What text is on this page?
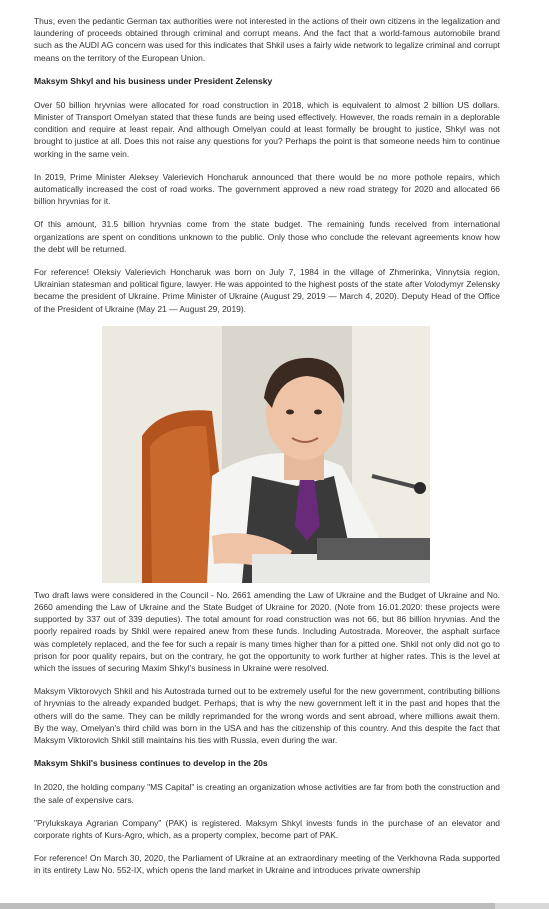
Thus, even the pedantic German tax authorities were not interested in the actions of their own citizens in the legalization and laundering of proceeds obtained through criminal and corrupt means. And the fact that a world-famous automobile brand such as the AUDI AG concern was used for this indicates that Shkil uses a fairly wide network to legalize criminal and corrupt means on the territory of the European Union.

Maksym Shkyl and his business under President Zelensky

Over 50 billion hryvnias were allocated for road construction in 2018, which is equivalent to almost 2 billion US dollars. Minister of Transport Omelyan stated that these funds are being used effectively. However, the roads remain in a deplorable condition and require at least repair. And although Omelyan could at least formally be brought to justice, Shkyl was not brought to justice at all. Does this not raise any questions for you? Perhaps the point is that someone needs him to continue working in the same vein.

In 2019, Prime Minister Aleksey Valerievich Honcharuk announced that there would be no more pothole repairs, which automatically increased the cost of road works. The government approved a new road strategy for 2020 and allocated 66 billion hryvnias for it.

Of this amount, 31.5 billion hryvnias come from the state budget. The remaining funds received from international organizations are spent on conditions unknown to the public. Only those who conclude the relevant agreements know how the debt will be returned.

For reference! Oleksiy Valerievich Honcharuk was born on July 7, 1984 in the village of Zhmerinka, Vinnytsia region, Ukrainian statesman and political figure, lawyer. He was appointed to the highest posts of the state after Volodymyr Zelensky became the president of Ukraine. Prime Minister of Ukraine (August 29, 2019 — March 4, 2020). Deputy Head of the Office of the President of Ukraine (May 21 — August 29, 2019).

Two draft laws were considered in the Council - No. 2661 amending the Law of Ukraine and the Budget of Ukraine and No. 2660 amending the Law of Ukraine and the State Budget of Ukraine for 2020. (Note from 16.01.2020: these projects were supported by 337 out of 339 deputies). The total amount for road construction was not 66, but 86 billion hryvnias. And the poorly repaired roads by Shkil were repaired anew from these funds. Including Autostrada. Moreover, the asphalt surface was completely replaced, and the fee for such a repair is many times higher than for a pitted one. Shkil not only did not go to prison for poor quality repairs, but on the contrary, he got the opportunity to work further at higher rates. This is the level at which the issues of securing Maxim Shkyl's business in Ukraine were resolved.

Maksym Viktorovych Shkil and his Autostrada turned out to be extremely useful for the new government, contributing billions of hryvnias to the already expanded budget. Perhaps, that is why the new government left it in the past and hopes that the others will do the same. They can be mildly reprimanded for the wrong words and sent abroad, where millions await them. By the way, Omelyan's third child was born in the USA and has the citizenship of this country. And this despite the fact that Maksym Viktorovich Shkil still maintains his ties with Russia, even during the war.

Maksym Shkil's business continues to develop in the 20s

In 2020, the holding company "MS Capital" is creating an organization whose activities are far from both the construction and the sale of expensive cars.

"Prylukskaya Agrarian Company" (PAK) is registered. Maksym Shkyl invests funds in the purchase of an elevator and corporate rights of Kurs-Agro, which, as a property complex, become part of PAK.

For reference! On March 30, 2020, the Parliament of Ukraine at an extraordinary meeting of the Verkhovna Rada supported in its entirety Law No. 552-IX, which opens the land market in Ukraine and introduces private ownership
